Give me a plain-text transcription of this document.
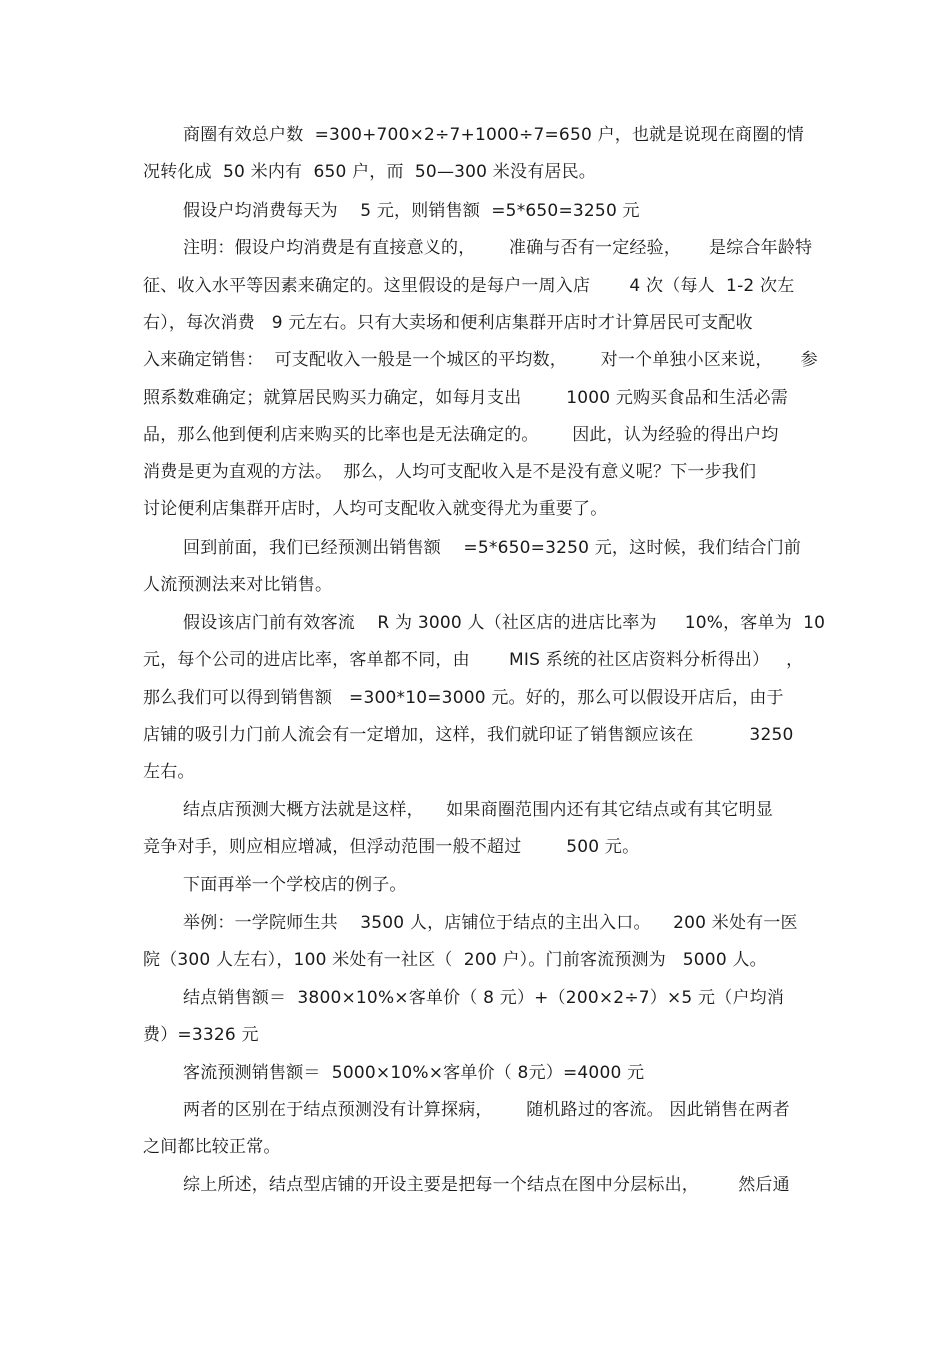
商圈有效总户数  =300+700×2÷7+1000÷7=650 户，也就是说现在商圈的情
况转化成  50 米内有  650 户，而  50—300 米没有居民。
假设户均消费每天为    5 元，则销售额  =5*650=3250 元
注明：假设户均消费是有直接意义的，      准确与否有一定经验，     是综合年龄特
征、收入水平等因素来确定的。这里假设的是每户一周入店       4 次（每人  1-2 次左
右），每次消费   9 元左右。只有大卖场和便利店集群开店时才计算居民可支配收
入来确定销售：  可支配收入一般是一个城区的平均数，      对一个单独小区来说，     参
照系数难确定；就算居民购买力确定，如每月支出        1000 元购买食品和生活必需
品，那么他到便利店来购买的比率也是无法确定的。      因此，认为经验的得出户均
消费是更为直观的方法。  那么，人均可支配收入是不是没有意义呢？下一步我们
讨论便利店集群开店时，人均可支配收入就变得尤为重要了。
回到前面，我们已经预测出销售额    =5*650=3250 元，这时候，我们结合门前
人流预测法来对比销售。
假设该店门前有效客流    R 为 3000 人（社区店的进店比率为     10%，客单为  10
元，每个公司的进店比率，客单都不同，由       MIS 系统的社区店资料分析得出）   ，
那么我们可以得到销售额   =300*10=3000 元。好的，那么可以假设开店后，由于
店铺的吸引力门前人流会有一定增加，这样，我们就印证了销售额应该在          3250
左右。
结点店预测大概方法就是这样，    如果商圈范围内还有其它结点或有其它明显
竞争对手，则应相应增减，但浮动范围一般不超过        500 元。
下面再举一个学校店的例子。
举例：一学院师生共    3500 人，店铺位于结点的主出入口。    200 米处有一医
院（300 人左右），100 米处有一社区（  200 户）。门前客流预测为   5000 人。
结点销售额＝  3800×10%×客单价（ 8 元）+（200×2÷7）×5 元（户均消
费）=3326 元
客流预测销售额＝  5000×10%×客单价（ 8元）=4000 元
两者的区别在于结点预测没有计算探病，      随机路过的客流。 因此销售在两者
之间都比较正常。
综上所述，结点型店铺的开设主要是把每一个结点在图中分层标出，       然后通
